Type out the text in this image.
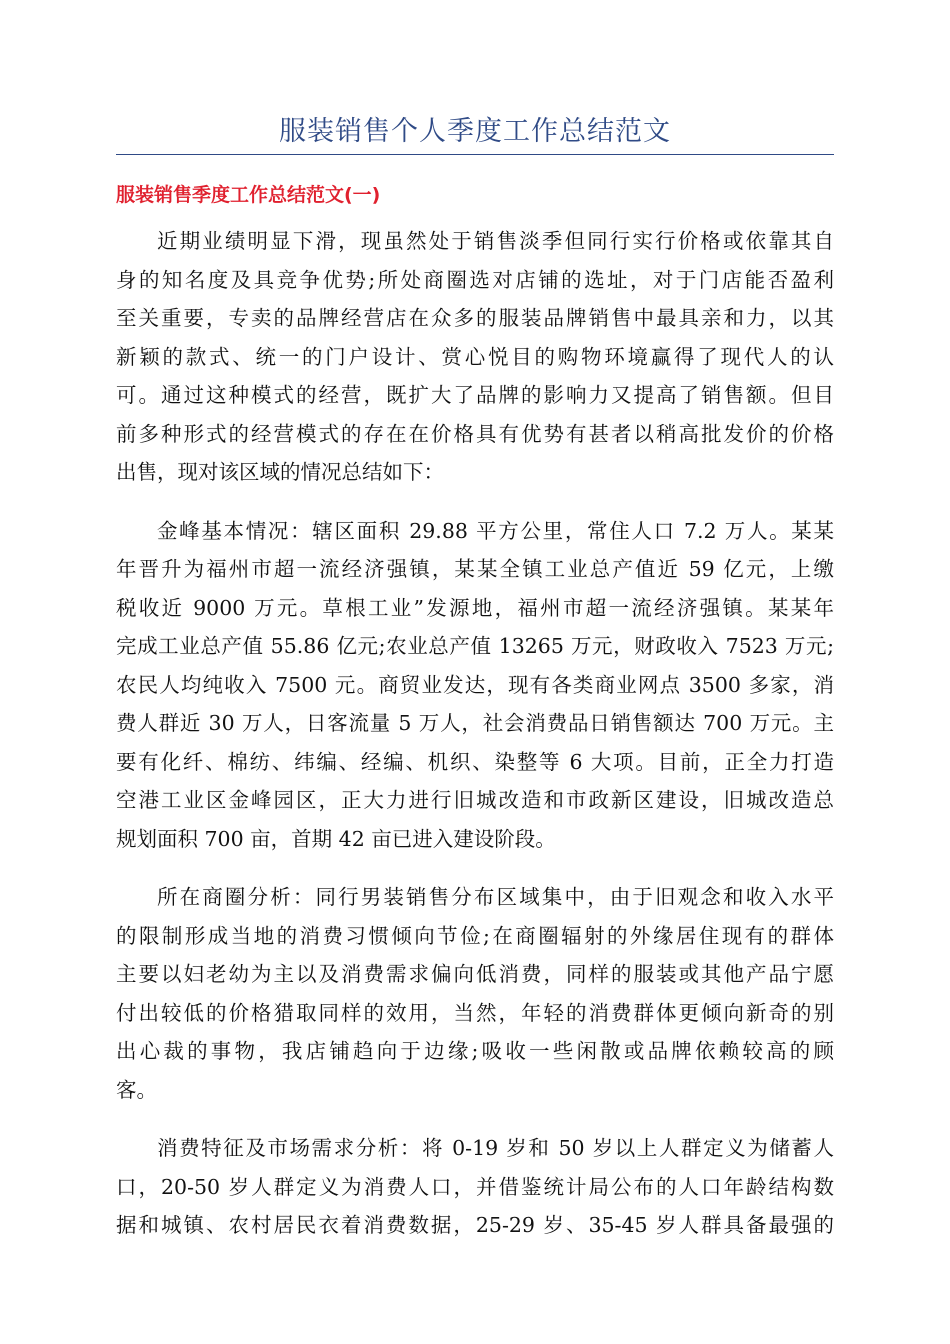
服装销售个人季度工作总结范文
服装销售季度工作总结范文(一)

近期业绩明显下滑，现虽然处于销售淡季但同行实行价格或依靠其自
身的知名度及具竞争优势;所处商圈选对店铺的选址，对于门店能否盈利
至关重要，专卖的品牌经营店在众多的服装品牌销售中最具亲和力，以其
新颖的款式、统一的门户设计、赏心悦目的购物环境赢得了现代人的认
可。通过这种模式的经营，既扩大了品牌的影响力又提高了销售额。但目
前多种形式的经营模式的存在在价格具有优势有甚者以稍高批发价的价格
出售，现对该区域的情况总结如下：

金峰基本情况：辖区面积 29.88 平方公里，常住人口 7.2 万人。某某
年晋升为福州市超一流经济强镇，某某全镇工业总产值近 59 亿元，上缴
税收近 9000 万元。草根工业”发源地，福州市超一流经济强镇。某某年
完成工业总产值 55.86 亿元;农业总产值 13265 万元，财政收入 7523 万元;
农民人均纯收入 7500 元。商贸业发达，现有各类商业网点 3500 多家，消
费人群近 30 万人，日客流量 5 万人，社会消费品日销售额达 700 万元。主
要有化纤、棉纺、纬编、经编、机织、染整等 6 大项。目前，正全力打造
空港工业区金峰园区，正大力进行旧城改造和市政新区建设，旧城改造总
规划面积 700 亩，首期 42 亩已进入建设阶段。

所在商圈分析：同行男装销售分布区域集中，由于旧观念和收入水平
的限制形成当地的消费习惯倾向节俭;在商圈辐射的外缘居住现有的群体
主要以妇老幼为主以及消费需求偏向低消费，同样的服装或其他产品宁愿
付出较低的价格猎取同样的效用，当然，年轻的消费群体更倾向新奇的别
出心裁的事物，我店铺趋向于边缘;吸收一些闲散或品牌依赖较高的顾
客。

消费特征及市场需求分析：将 0-19 岁和 50 岁以上人群定义为储蓄人
口，20-50 岁人群定义为消费人口，并借鉴统计局公布的人口年龄结构数
据和城镇、农村居民衣着消费数据，25-29 岁、35-45 岁人群具备最强的
